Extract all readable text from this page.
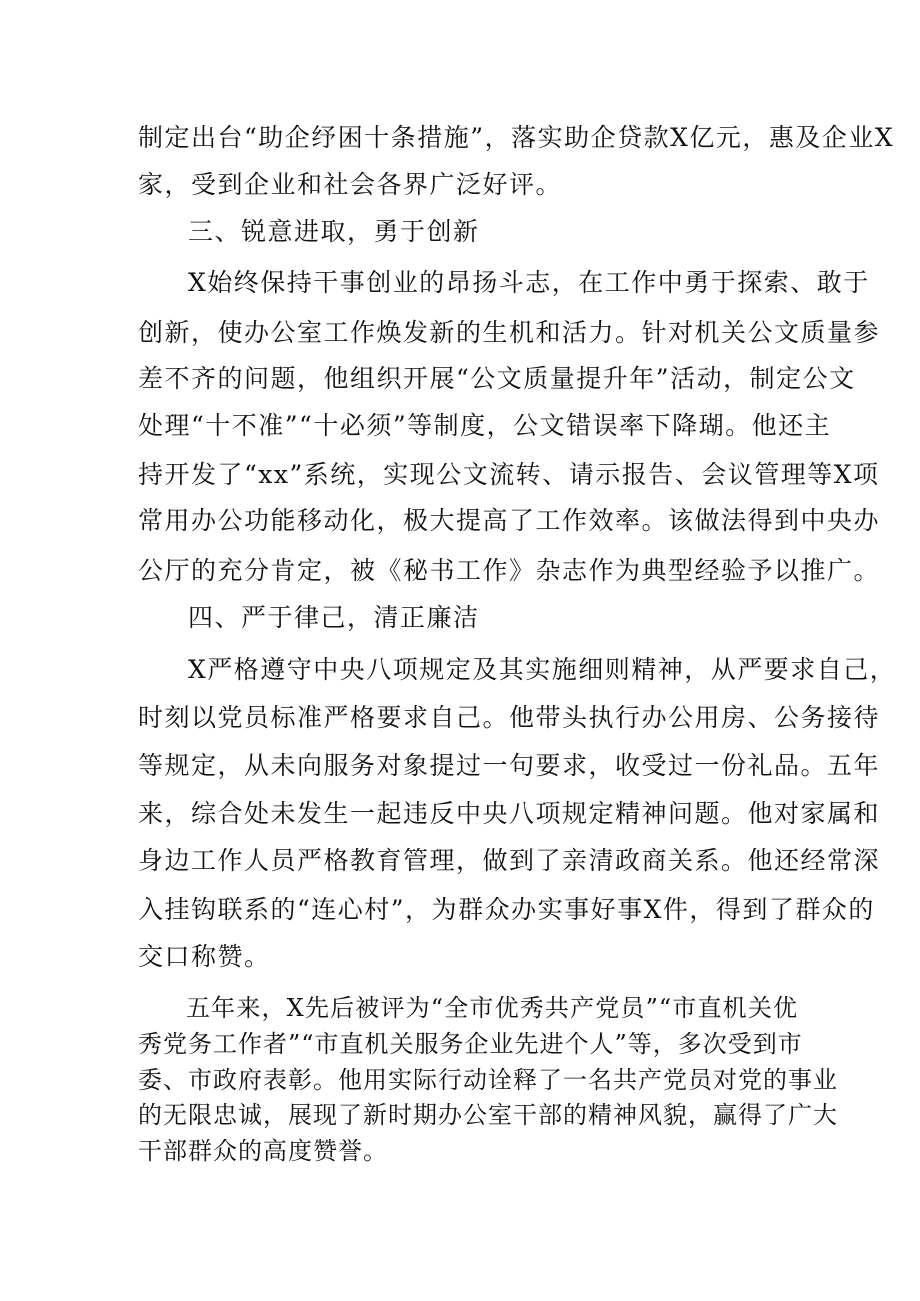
制定出台“助企纾困十条措施”，落实助企贷款X亿元，惠及企业X
家，受到企业和社会各界广泛好评。
三、锐意进取，勇于创新
X始终保持干事创业的昂扬斗志，在工作中勇于探索、敢于
创新，使办公室工作焕发新的生机和活力。针对机关公文质量参
差不齐的问题，他组织开展“公文质量提升年”活动，制定公文
处理“十不准”“十必须”等制度，公文错误率下降瑚。他还主
持开发了“xx”系统，实现公文流转、请示报告、会议管理等X项
常用办公功能移动化，极大提高了工作效率。该做法得到中央办
公厅的充分肯定，被《秘书工作》杂志作为典型经验予以推广。
四、严于律己，清正廉洁
X严格遵守中央八项规定及其实施细则精神，从严要求自己，
时刻以党员标准严格要求自己。他带头执行办公用房、公务接待
等规定，从未向服务对象提过一句要求，收受过一份礼品。五年
来，综合处未发生一起违反中央八项规定精神问题。他对家属和
身边工作人员严格教育管理，做到了亲清政商关系。他还经常深
入挂钩联系的“连心村”，为群众办实事好事X件，得到了群众的
交口称赞。
五年来，X先后被评为“全市优秀共产党员”“市直机关优
秀党务工作者”“市直机关服务企业先进个人”等，多次受到市
委、市政府表彰。他用实际行动诠释了一名共产党员对党的事业
的无限忠诚，展现了新时期办公室干部的精神风貌，赢得了广大
干部群众的高度赞誉。
